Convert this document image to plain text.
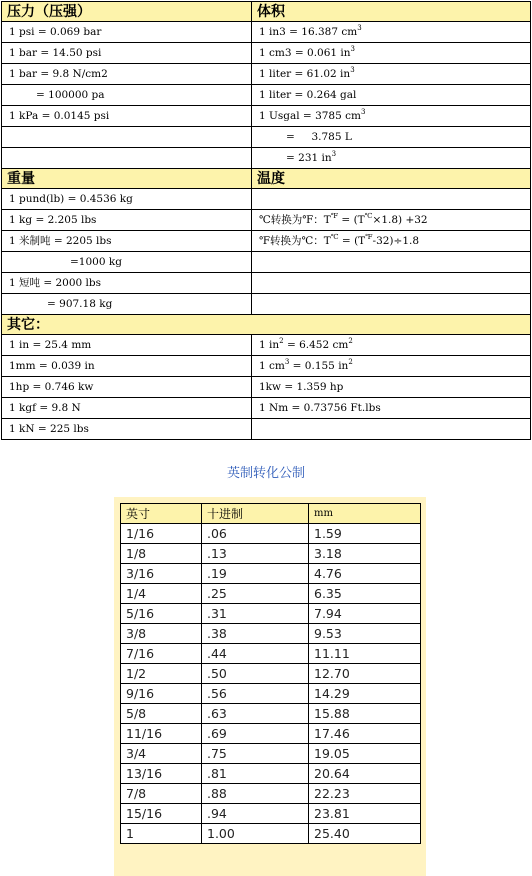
压力（压强）	体积
1 psi = 0.069 bar	1 in3 = 16.387 $cm^3$
1 bar = 14.50 psi	1 cm3 = 0.061 $in^3$
1 bar = 9.8 N/cm2	1 liter = 61.02 $in^3$
= 100000 pa	1 liter = 0.264 gal
1 kPa = 0.0145 psi	1 Usgal = 3785 $cm^3$
	=     3.785 L
	= 231 $in^3$
重量	温度
1 pund(lb) = 0.4536 kg	
1 kg = 2.205 lbs	℃转换为℉：T℉ = (T℃×1.8) +32
1 米制吨 = 2205 lbs	℉转换为℃：T℃ = (T℉-32)÷1.8
=1000 kg	
1 短吨 = 2000 lbs	
= 907.18 kg	
其它：	
1 in = 25.4 mm	1 $in^2 = 6.452$ $cm^2$
1mm = 0.039 in	1 $cm^3 = 0.155$ $in^2$
1hp = 0.746 kw	1kw = 1.359 hp
1 kgf = 9.8 N	1 Nm = 0.73756 Ft.lbs
1 kN = 225 lbs	
英制转化公制
英寸	十进制	mm
1/16	.06	1.59
1/8	.13	3.18
3/16	.19	4.76
1/4	.25	6.35
5/16	.31	7.94
3/8	.38	9.53
7/16	.44	11.11
1/2	.50	12.70
9/16	.56	14.29
5/8	.63	15.88
11/16	.69	17.46
3/4	.75	19.05
13/16	.81	20.64
7/8	.88	22.23
15/16	.94	23.81
1	1.00	25.40
